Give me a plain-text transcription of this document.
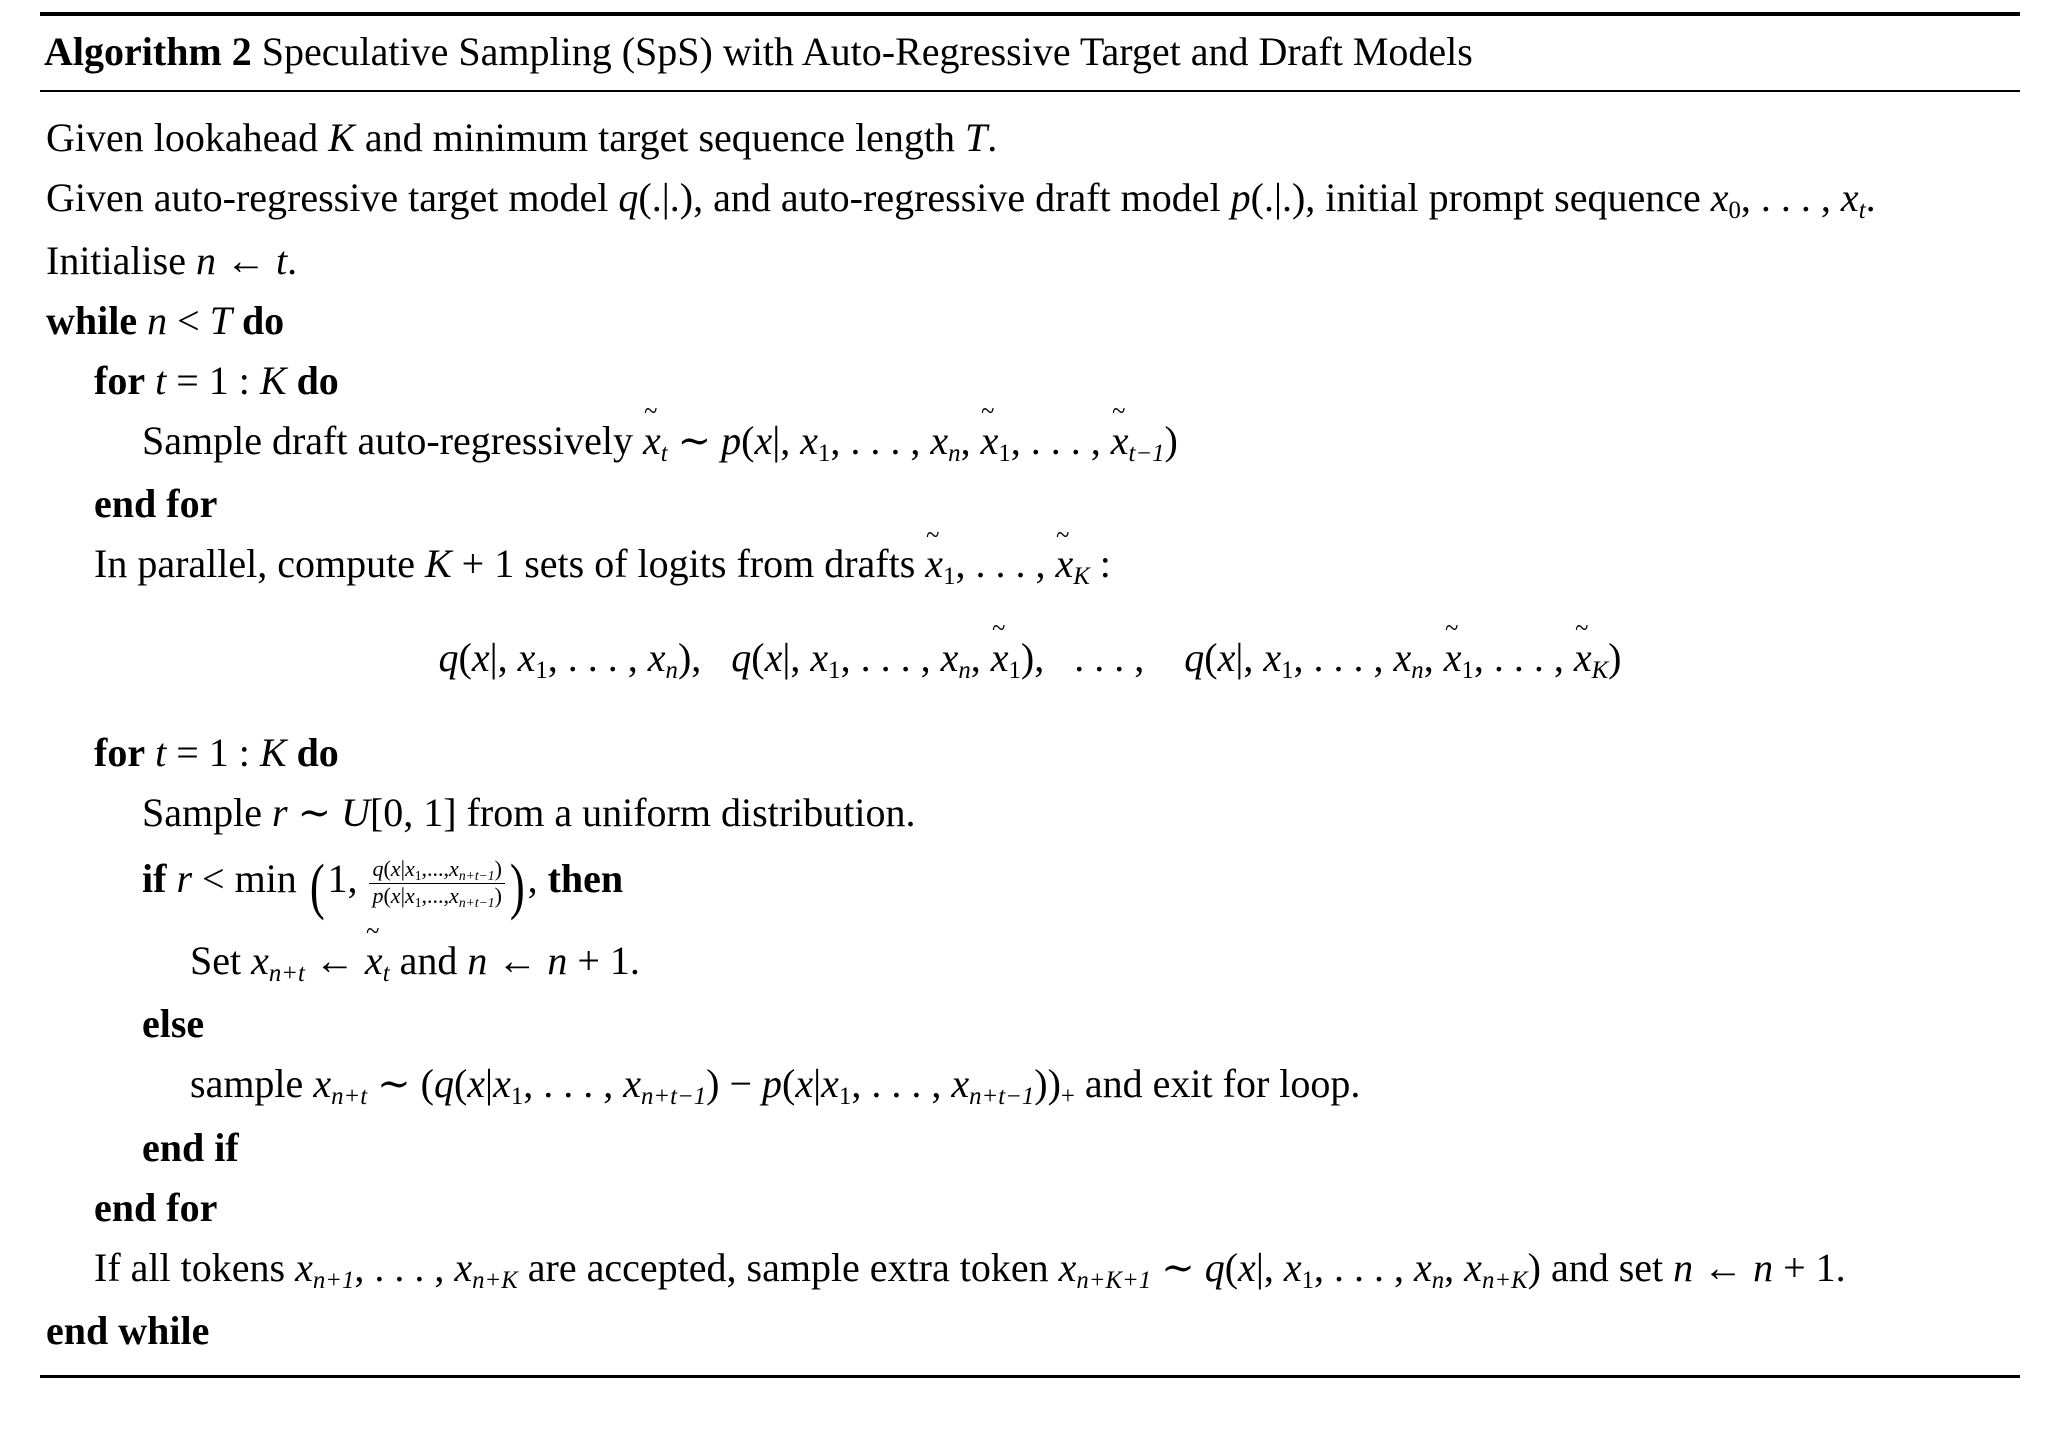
Algorithm 2 Speculative Sampling (SpS) with Auto-Regressive Target and Draft Models
Given lookahead K and minimum target sequence length T.
Given auto-regressive target model q(.|.), and auto-regressive draft model p(.|.), initial prompt sequence $x_0$, . . . , $x_t$.
Initialise n ← t.
while n < T do
for t = 1 : K do
Sample draft auto-regressively ~ $x_t$ ∼ p(x|, $x_1$, . . . , $x_n$, ~ $x_1$, . . . , ~ $x_{t-1}$)
end for
In parallel, compute K + 1 sets of logits from drafts ~ $x_1$, . . . , ~ $x_K$ :
q(x|, $x_1$, . . . , $x_n$), q(x|, $x_1$, . . . , $x_n$, ~ $x_1$),   . . . ,    q(x|, $x_1$, . . . , $x_n$, ~ $x_1$, . . . , ~ $x_K$)
for t = 1 : K do
Sample r ∼ U[0, 1] from a uniform distribution.
if r < min (1, $\frac{q(x|x_1,...,x_{n+t-1})}{p(x|x_1,...,x_{n+t-1})}$ ), then
Set $x_{n+t}$ ← ~ $x_t$ and n ← n + 1.
else
sample $x_{n+t}$ ∼ ($q(x|x_1$, . . . , $x_{n+t-1}) - p(x|x_1$, . . . , $x_{n+t-1}))_+$ and exit for loop.
end if
end for
If all tokens $x_{n+1}$, . . . , $x_{n+K}$ are accepted, sample extra token $x_{n+K+1}$ ∼ q(x|, $x_1$, . . . , $x_n$, $x_{n+K}$) and set n ← n + 1.
end while
